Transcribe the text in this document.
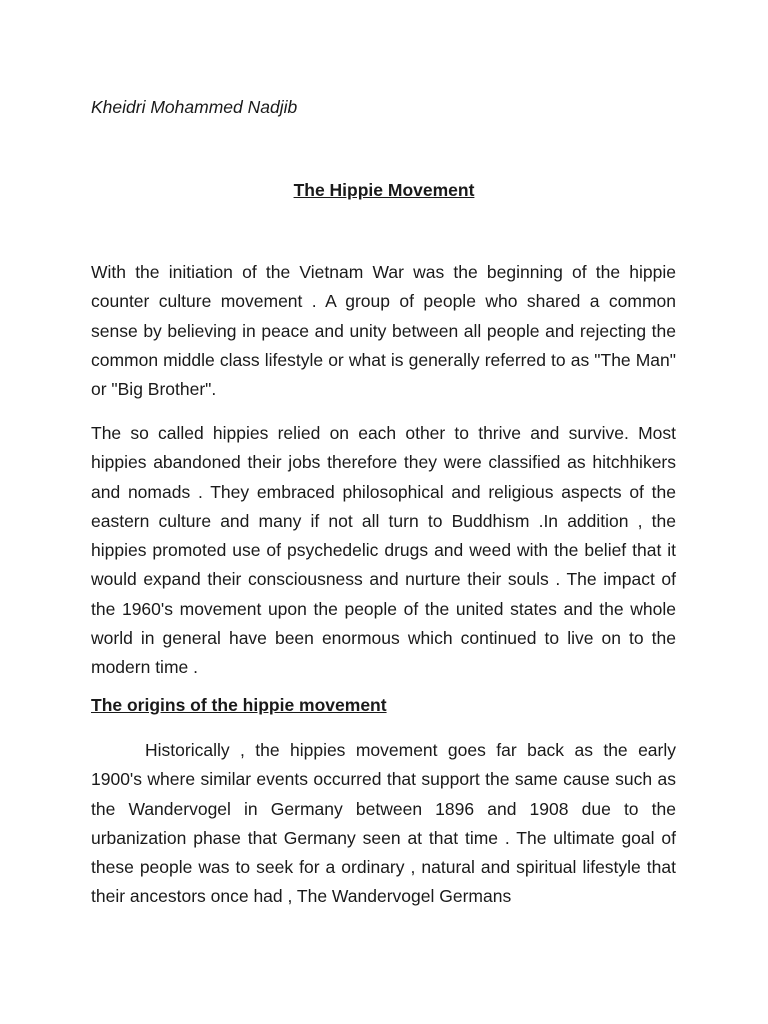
Kheidri Mohammed Nadjib
The Hippie Movement

With the initiation of the Vietnam War was the beginning of the hippie counter culture movement . A group of people who shared a common sense by believing in peace and unity between all people and rejecting the common middle class lifestyle or what is generally referred to as "The Man" or "Big Brother".

The so called hippies relied on each other to thrive and survive. Most hippies abandoned their jobs therefore they were classified as hitchhikers and nomads . They embraced philosophical and religious aspects of the eastern culture and many if not all turn to Buddhism .In addition , the hippies promoted use of psychedelic drugs and weed with the belief that it would expand their consciousness and nurture their souls . The impact of the 1960's movement upon the people of the united states and the whole world in general have been enormous which continued to live on to the modern time .

The origins of the hippie movement

Historically , the hippies movement goes far back as the early 1900's where similar events occurred that support the same cause such as the Wandervogel in Germany between 1896 and 1908 due to the urbanization phase that Germany seen at that time . The ultimate goal of these people was to seek for a ordinary , natural and spiritual lifestyle that their ancestors once had , The Wandervogel Germans
